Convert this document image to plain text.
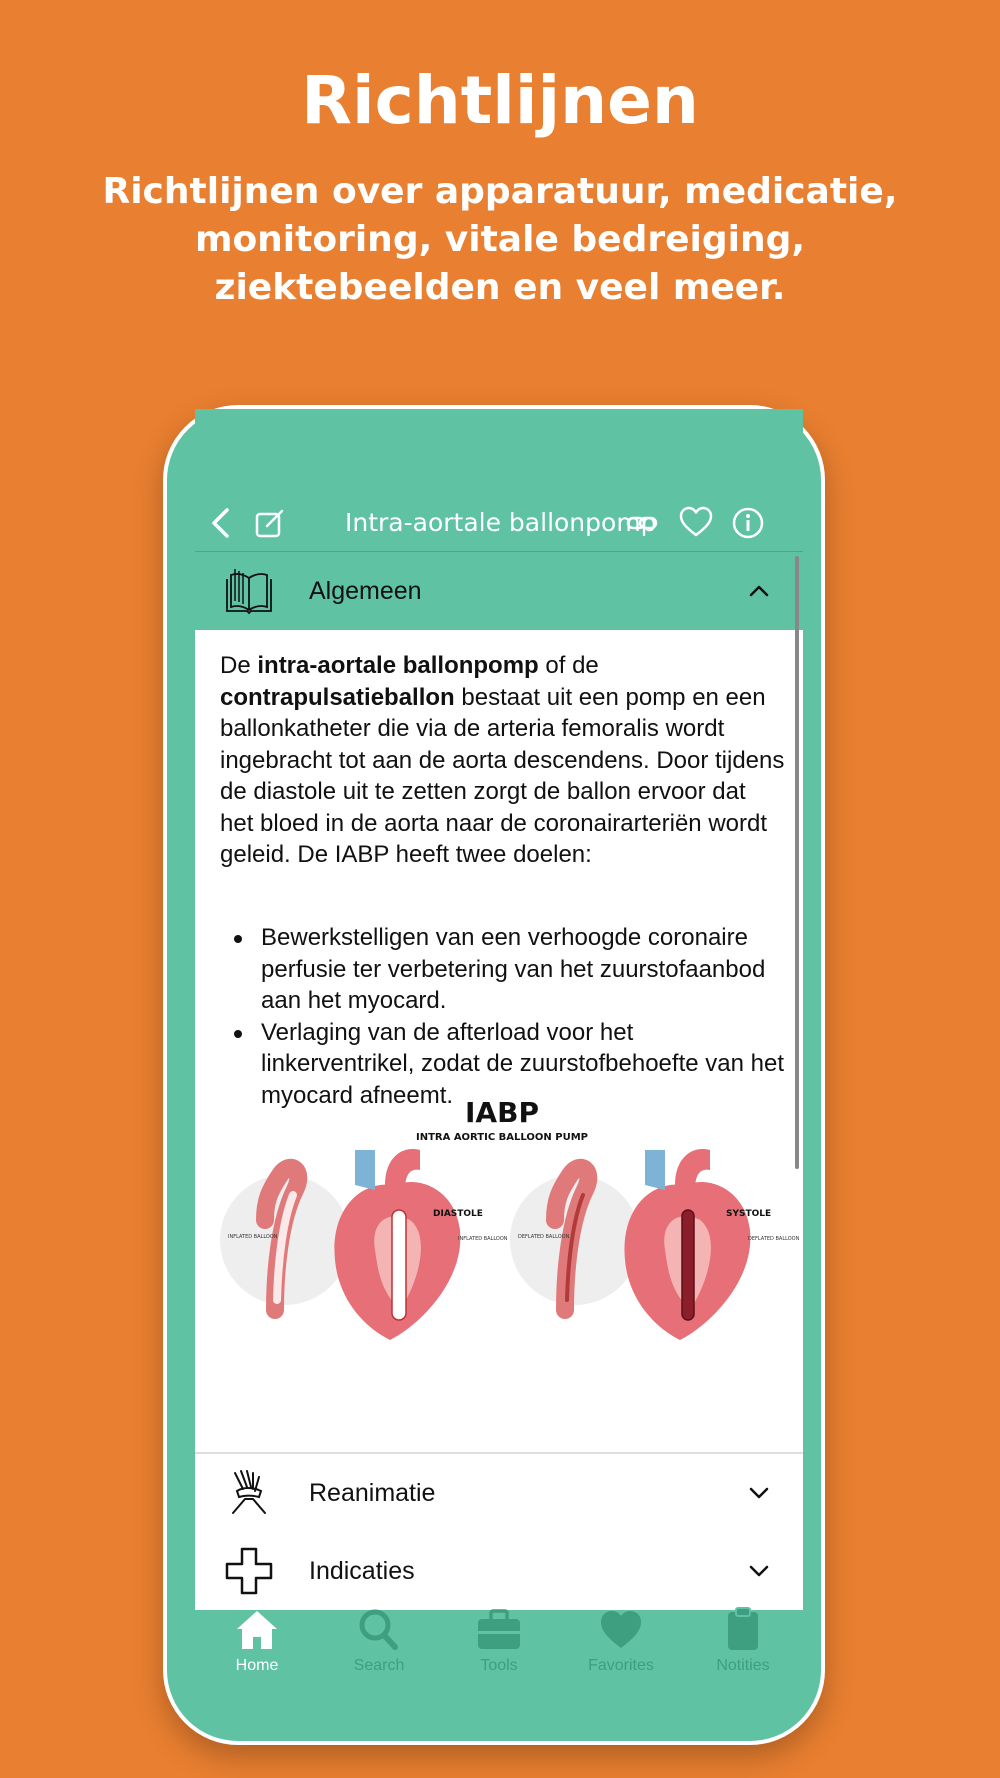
Richtlijnen
Richtlijnen over apparatuur, medicatie, monitoring, vitale bedreiging, ziektebeelden en veel meer.
Intra-aortale ballonpomp
Algemeen

De intra-aortale ballonpomp of de contrapulsatieballon bestaat uit een pomp en een ballonkatheter die via de arteria femoralis wordt ingebracht tot aan de aorta descendens. Door tijdens de diastole uit te zetten zorgt de ballon ervoor dat het bloed in de aorta naar de coronairarteriën wordt geleid. De IABP heeft twee doelen:

Bewerkstelligen van een verhoogde coronaire perfusie ter verbetering van het zuurstofaanbod aan het myocard.
Verlaging van de afterload voor het linkerventrikel, zodat de zuurstofbehoefte van het myocard afneemt.
IABP
INTRA AORTIC BALLOON PUMP
INFLATED BALLOON
DIASTOLE
INFLATED BALLOON DEFLATED BALLOON
SYSTOLE
DEFLATED BALLOON
Reanimatie
Indicaties
Home	Search	Tools	Favorites	Notities
